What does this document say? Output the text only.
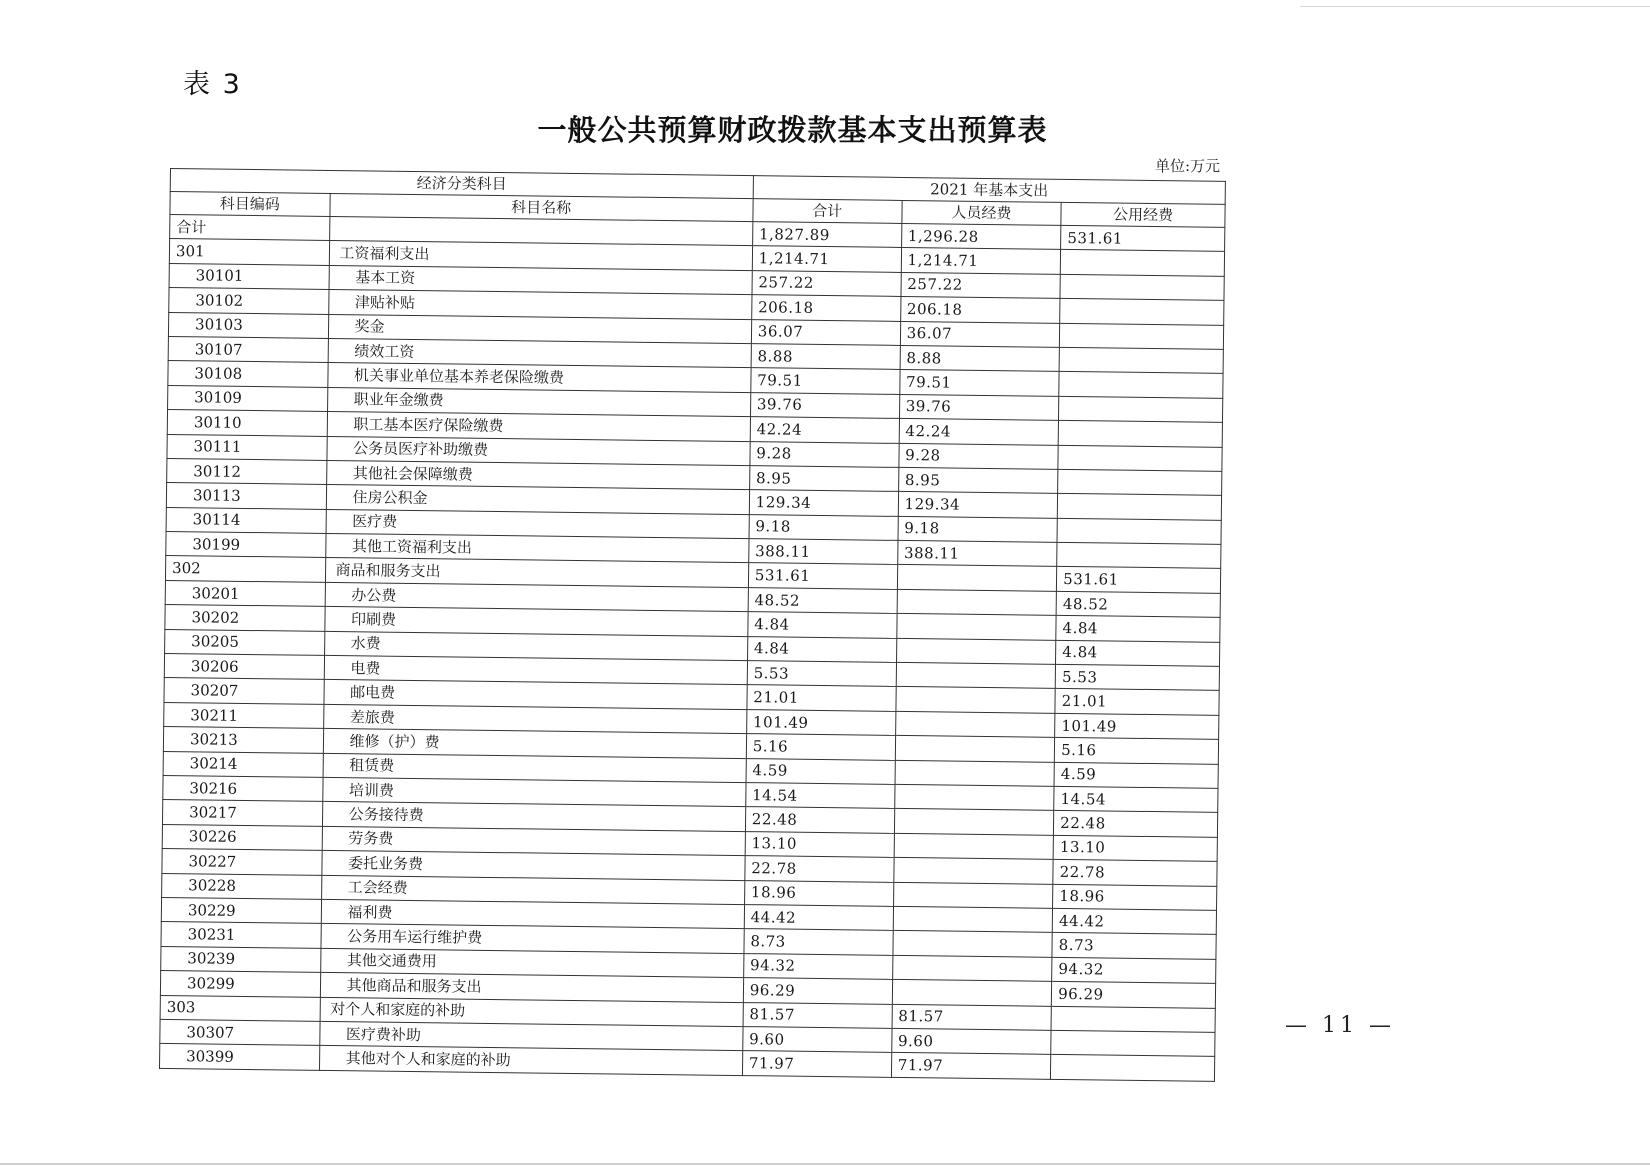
表 3
一般公共预算财政拨款基本支出预算表
单位:万元
经济分类科目		2021 年基本支出		
科目编码	科目名称	合计	人员经费	公用经费
合计		1,827.89	1,296.28	531.61
301	工资福利支出	1,214.71	1,214.71	
30101	基本工资	257.22	257.22	
30102	津贴补贴	206.18	206.18	
30103	奖金	36.07	36.07	
30107	绩效工资	8.88	8.88	
30108	机关事业单位基本养老保险缴费	79.51	79.51	
30109	职业年金缴费	39.76	39.76	
30110	职工基本医疗保险缴费	42.24	42.24	
30111	公务员医疗补助缴费	9.28	9.28	
30112	其他社会保障缴费	8.95	8.95	
30113	住房公积金	129.34	129.34	
30114	医疗费	9.18	9.18	
30199	其他工资福利支出	388.11	388.11	
302	商品和服务支出	531.61		531.61
30201	办公费	48.52		48.52
30202	印刷费	4.84		4.84
30205	水费	4.84		4.84
30206	电费	5.53		5.53
30207	邮电费	21.01		21.01
30211	差旅费	101.49		101.49
30213	维修（护）费	5.16		5.16
30214	租赁费	4.59		4.59
30216	培训费	14.54		14.54
30217	公务接待费	22.48		22.48
30226	劳务费	13.10		13.10
30227	委托业务费	22.78		22.78
30228	工会经费	18.96		18.96
30229	福利费	44.42		44.42
30231	公务用车运行维护费	8.73		8.73
30239	其他交通费用	94.32		94.32
30299	其他商品和服务支出	96.29		96.29
303	对个人和家庭的补助	81.57	81.57	
30307	医疗费补助	9.60	9.60	
30399	其他对个人和家庭的补助	71.97	71.97	
— 11 —
